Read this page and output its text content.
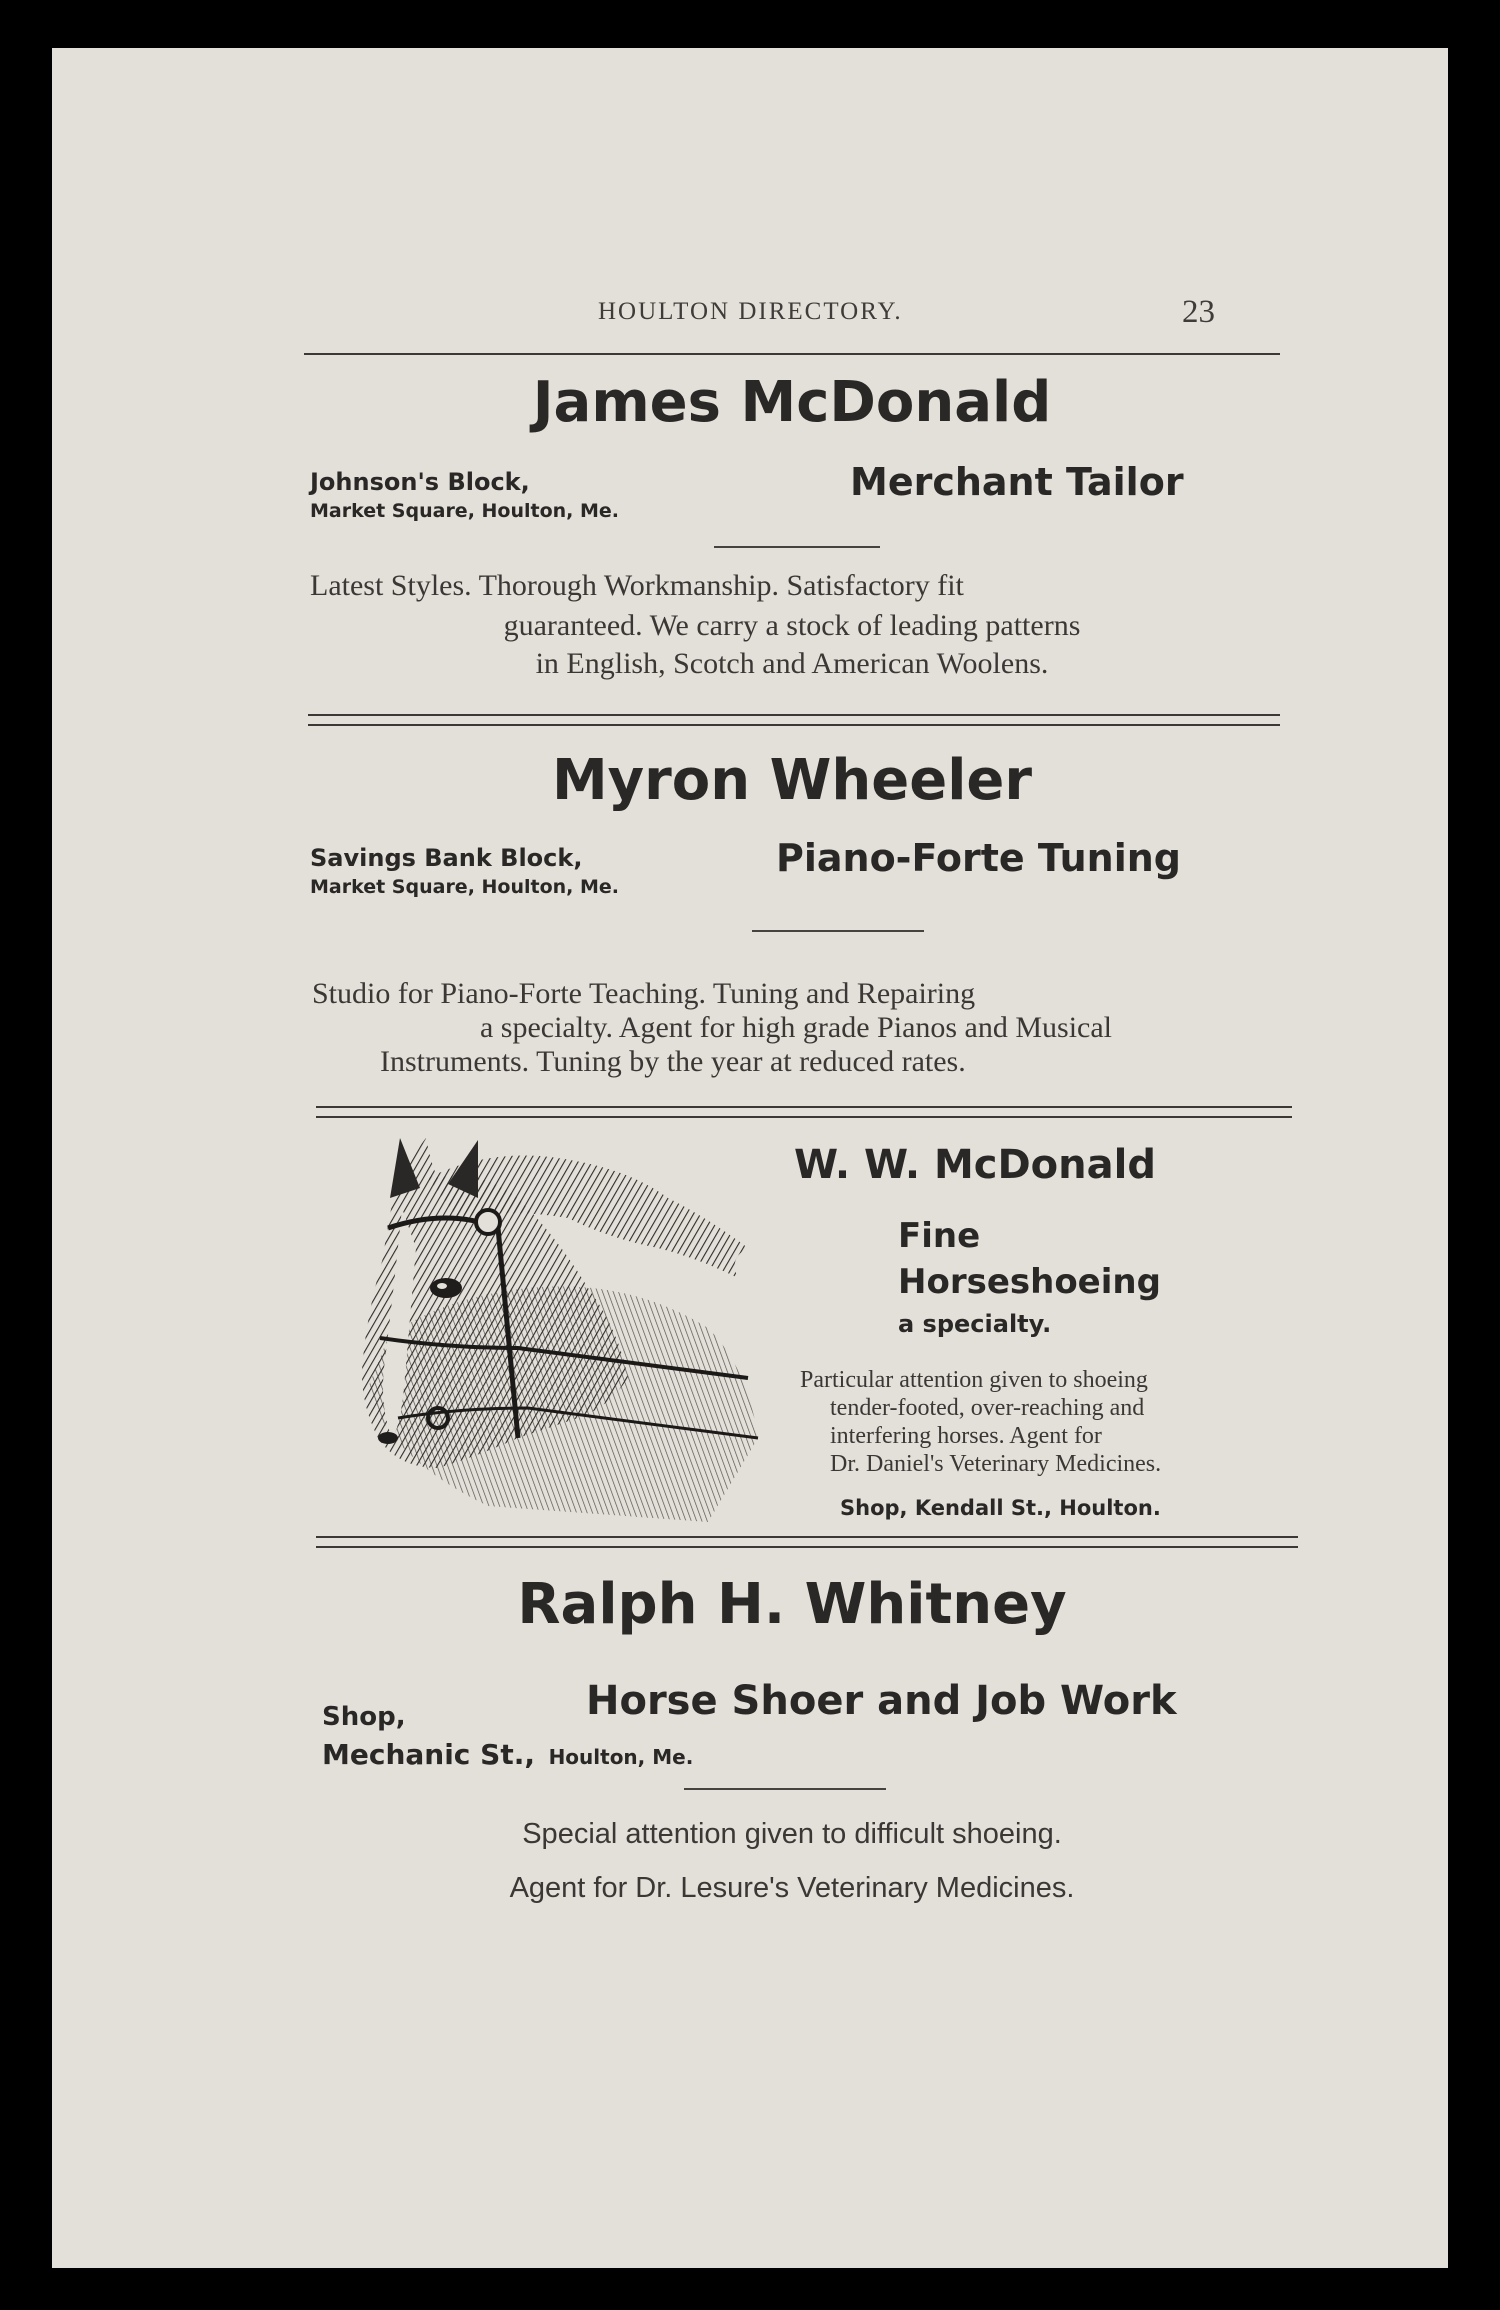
HOULTON DIRECTORY.	23
James McDonald
Johnson's Block,
Market Square, Houlton, Me.
Merchant Tailor
Latest Styles. Thorough Workmanship. Satisfactory fit
guaranteed. We carry a stock of leading patterns
in English, Scotch and American Woolens.
Myron Wheeler
Savings Bank Block,
Market Square, Houlton, Me.
Piano-Forte Tuning
Studio for Piano-Forte Teaching. Tuning and Repairing
a specialty. Agent for high grade Pianos and Musical
Instruments. Tuning by the year at reduced rates.
W. W. McDonald
Fine
Horseshoeing
a specialty.
Particular attention given to shoeing
tender-footed, over-reaching and
interfering horses. Agent for
Dr. Daniel's Veterinary Medicines.
Shop, Kendall St., Houlton.
Ralph H. Whitney
Shop,	Horse Shoer and Job Work
Mechanic St., Houlton, Me.
Special attention given to difficult shoeing.
Agent for Dr. Lesure's Veterinary Medicines.
